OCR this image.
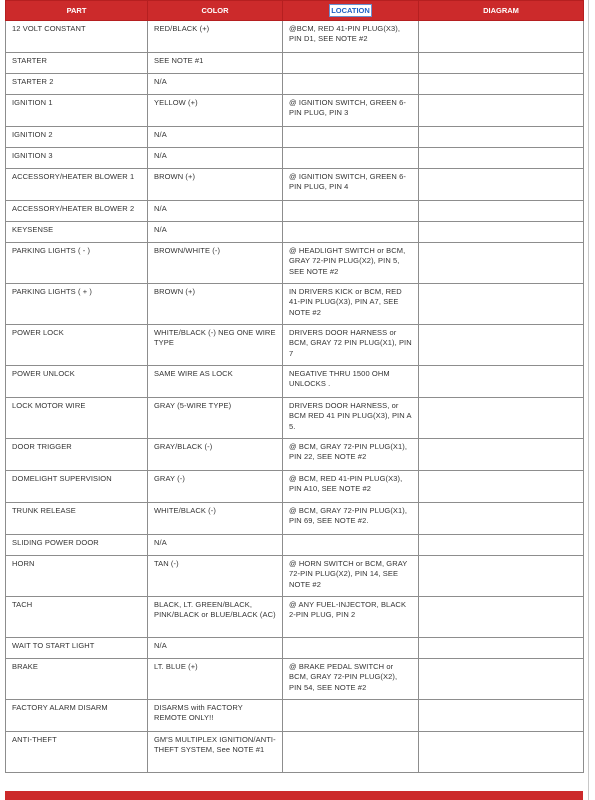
PART	COLOR	LOCATION	DIAGRAM
12 VOLT CONSTANT	RED/BLACK (+)	@BCM, RED 41-PIN PLUG(X3), PIN D1, SEE NOTE #2	
STARTER	SEE NOTE #1		
STARTER 2	N/A		
IGNITION 1	YELLOW (+)	@ IGNITION SWITCH, GREEN 6-PIN PLUG, PIN 3	
IGNITION 2	N/A		
IGNITION 3	N/A		
ACCESSORY/HEATER BLOWER 1	BROWN (+)	@ IGNITION SWITCH, GREEN 6-PIN PLUG, PIN 4	
ACCESSORY/HEATER BLOWER 2	N/A		
KEYSENSE	N/A		
PARKING LIGHTS ( - )	BROWN/WHITE (-)	@ HEADLIGHT SWITCH or BCM, GRAY 72-PIN PLUG(X2), PIN 5, SEE NOTE #2	
PARKING LIGHTS ( + )	BROWN (+)	IN DRIVERS KICK or BCM, RED 41-PIN PLUG(X3), PIN A7, SEE NOTE #2	
POWER LOCK	WHITE/BLACK (-) NEG ONE WIRE TYPE	DRIVERS DOOR HARNESS or BCM, GRAY 72 PIN PLUG(X1), PIN 7	
POWER UNLOCK	SAME WIRE AS LOCK	NEGATIVE THRU 1500 OHM UNLOCKS .	
LOCK MOTOR WIRE	GRAY (5-WIRE TYPE)	DRIVERS DOOR HARNESS, or BCM RED 41 PIN PLUG(X3), PIN A 5.	
DOOR TRIGGER	GRAY/BLACK (-)	@ BCM, GRAY 72-PIN PLUG(X1), PIN 22, SEE NOTE #2	
DOMELIGHT SUPERVISION	GRAY (-)	@ BCM, RED 41-PIN PLUG(X3), PIN A10, SEE NOTE #2	
TRUNK RELEASE	WHITE/BLACK (-)	@ BCM, GRAY 72-PIN PLUG(X1), PIN 69, SEE NOTE #2.	
SLIDING POWER DOOR	N/A		
HORN	TAN (-)	@ HORN SWITCH or BCM, GRAY 72-PIN PLUG(X2), PIN 14, SEE NOTE #2	
TACH	BLACK, LT. GREEN/BLACK, PINK/BLACK or BLUE/BLACK (AC)	@ ANY FUEL-INJECTOR, BLACK 2-PIN PLUG, PIN 2	
WAIT TO START LIGHT	N/A		
BRAKE	LT. BLUE (+)	@ BRAKE PEDAL SWITCH or BCM, GRAY 72-PIN PLUG(X2), PIN 54, SEE NOTE #2	
FACTORY ALARM DISARM	DISARMS with FACTORY REMOTE ONLY!!		
ANTI-THEFT	GM'S MULTIPLEX IGNITION/ANTI-THEFT SYSTEM, See NOTE #1		
